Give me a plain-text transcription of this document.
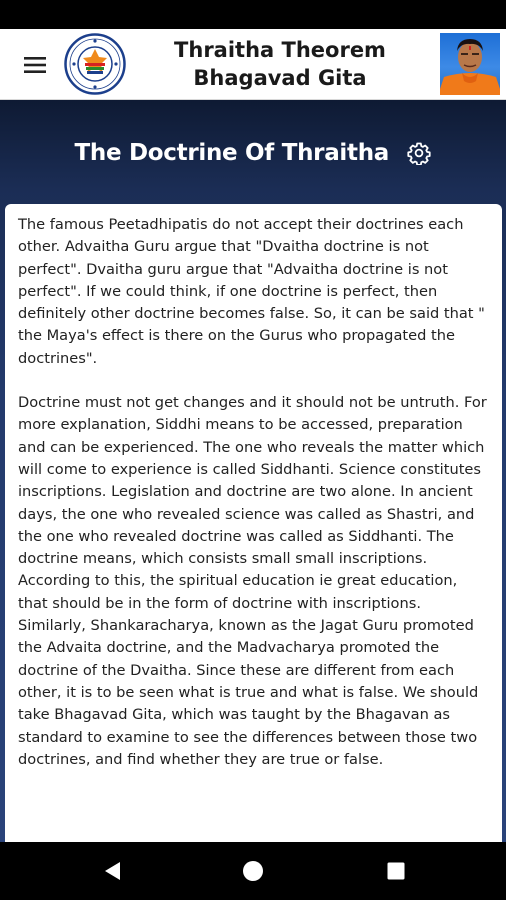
Thraitha Theorem
Bhagavad Gita
The Doctrine Of Thraitha

The famous Peetadhipatis do not accept their doctrines each other. Advaitha Guru argue that "Dvaitha doctrine is not perfect". Dvaitha guru argue that "Advaitha doctrine is not perfect". If we could think, if one doctrine is perfect, then definitely other doctrine becomes false. So, it can be said that " the Maya's effect is there on the Gurus who propagated the doctrines".

Doctrine must not get changes and it should not be untruth. For more explanation, Siddhi means to be accessed, preparation and can be experienced. The one who reveals the matter which will come to experience is called Siddhanti. Science constitutes inscriptions. Legislation and doctrine are two alone. In ancient days, the one who revealed science was called as Shastri, and the one who revealed doctrine was called as Siddhanti. The doctrine means, which consists small small inscriptions. According to this, the spiritual education ie great education, that should be in the form of doctrine with inscriptions. Similarly, Shankaracharya, known as the Jagat Guru promoted the Advaita doctrine, and the Madvacharya promoted the doctrine of the Dvaitha. Since these are different from each other, it is to be seen what is true and what is false. We should take Bhagavad Gita, which was taught by the Bhagavan as standard to examine to see the differences between those two doctrines, and find whether they are true or false.
